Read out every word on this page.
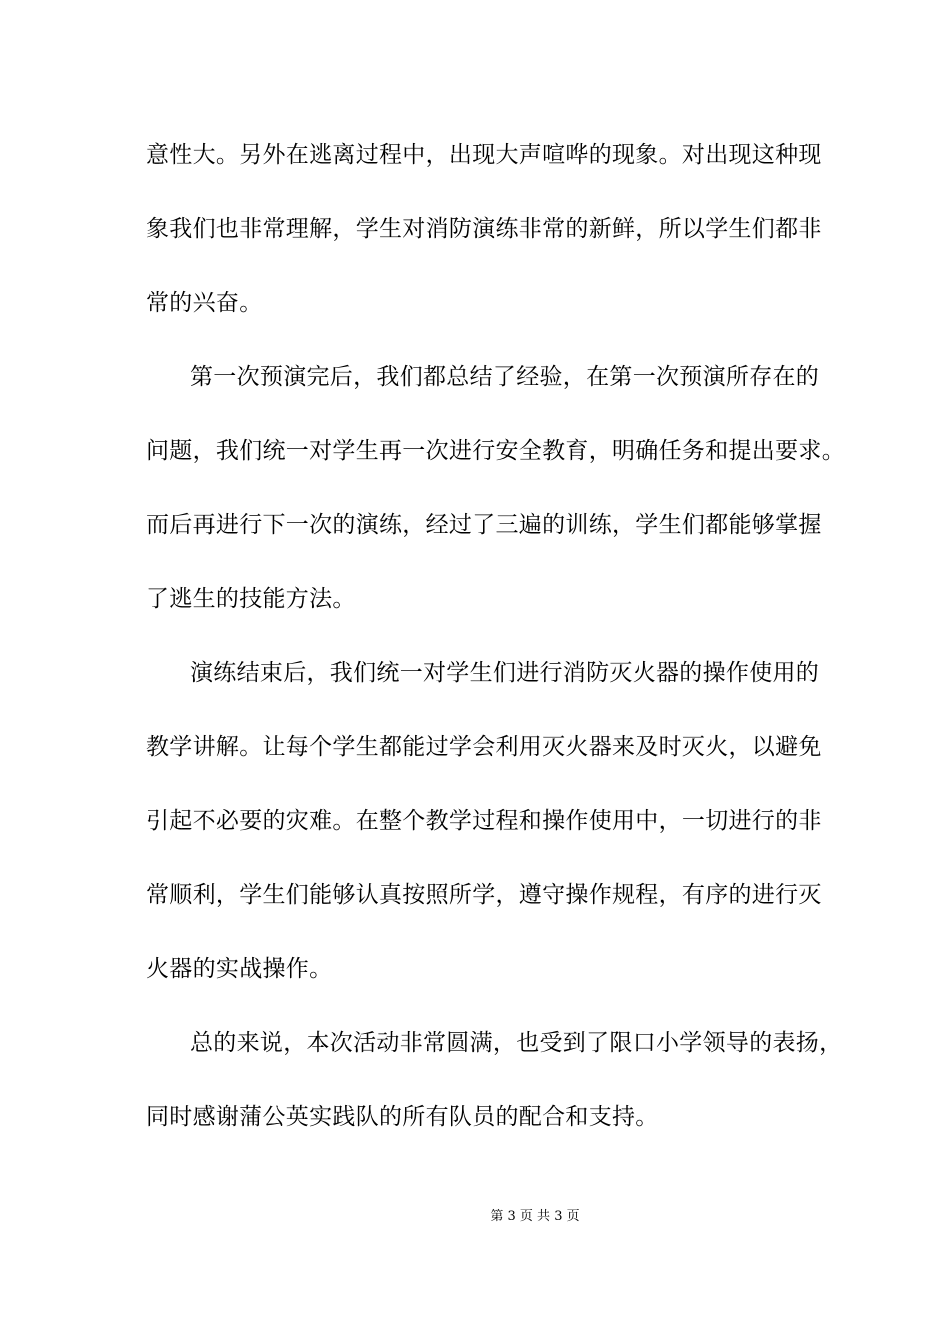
意性大。另外在逃离过程中，出现大声喧哗的现象。对出现这种现
象我们也非常理解，学生对消防演练非常的新鲜，所以学生们都非
常的兴奋。
第一次预演完后，我们都总结了经验，在第一次预演所存在的
问题，我们统一对学生再一次进行安全教育，明确任务和提出要求。
而后再进行下一次的演练，经过了三遍的训练，学生们都能够掌握
了逃生的技能方法。
演练结束后，我们统一对学生们进行消防灭火器的操作使用的
教学讲解。让每个学生都能过学会利用灭火器来及时灭火，以避免
引起不必要的灾难。在整个教学过程和操作使用中，一切进行的非
常顺利，学生们能够认真按照所学，遵守操作规程，有序的进行灭
火器的实战操作。
总的来说，本次活动非常圆满，也受到了限口小学领导的表扬，
同时感谢蒲公英实践队的所有队员的配合和支持。
第 3 页 共 3 页
